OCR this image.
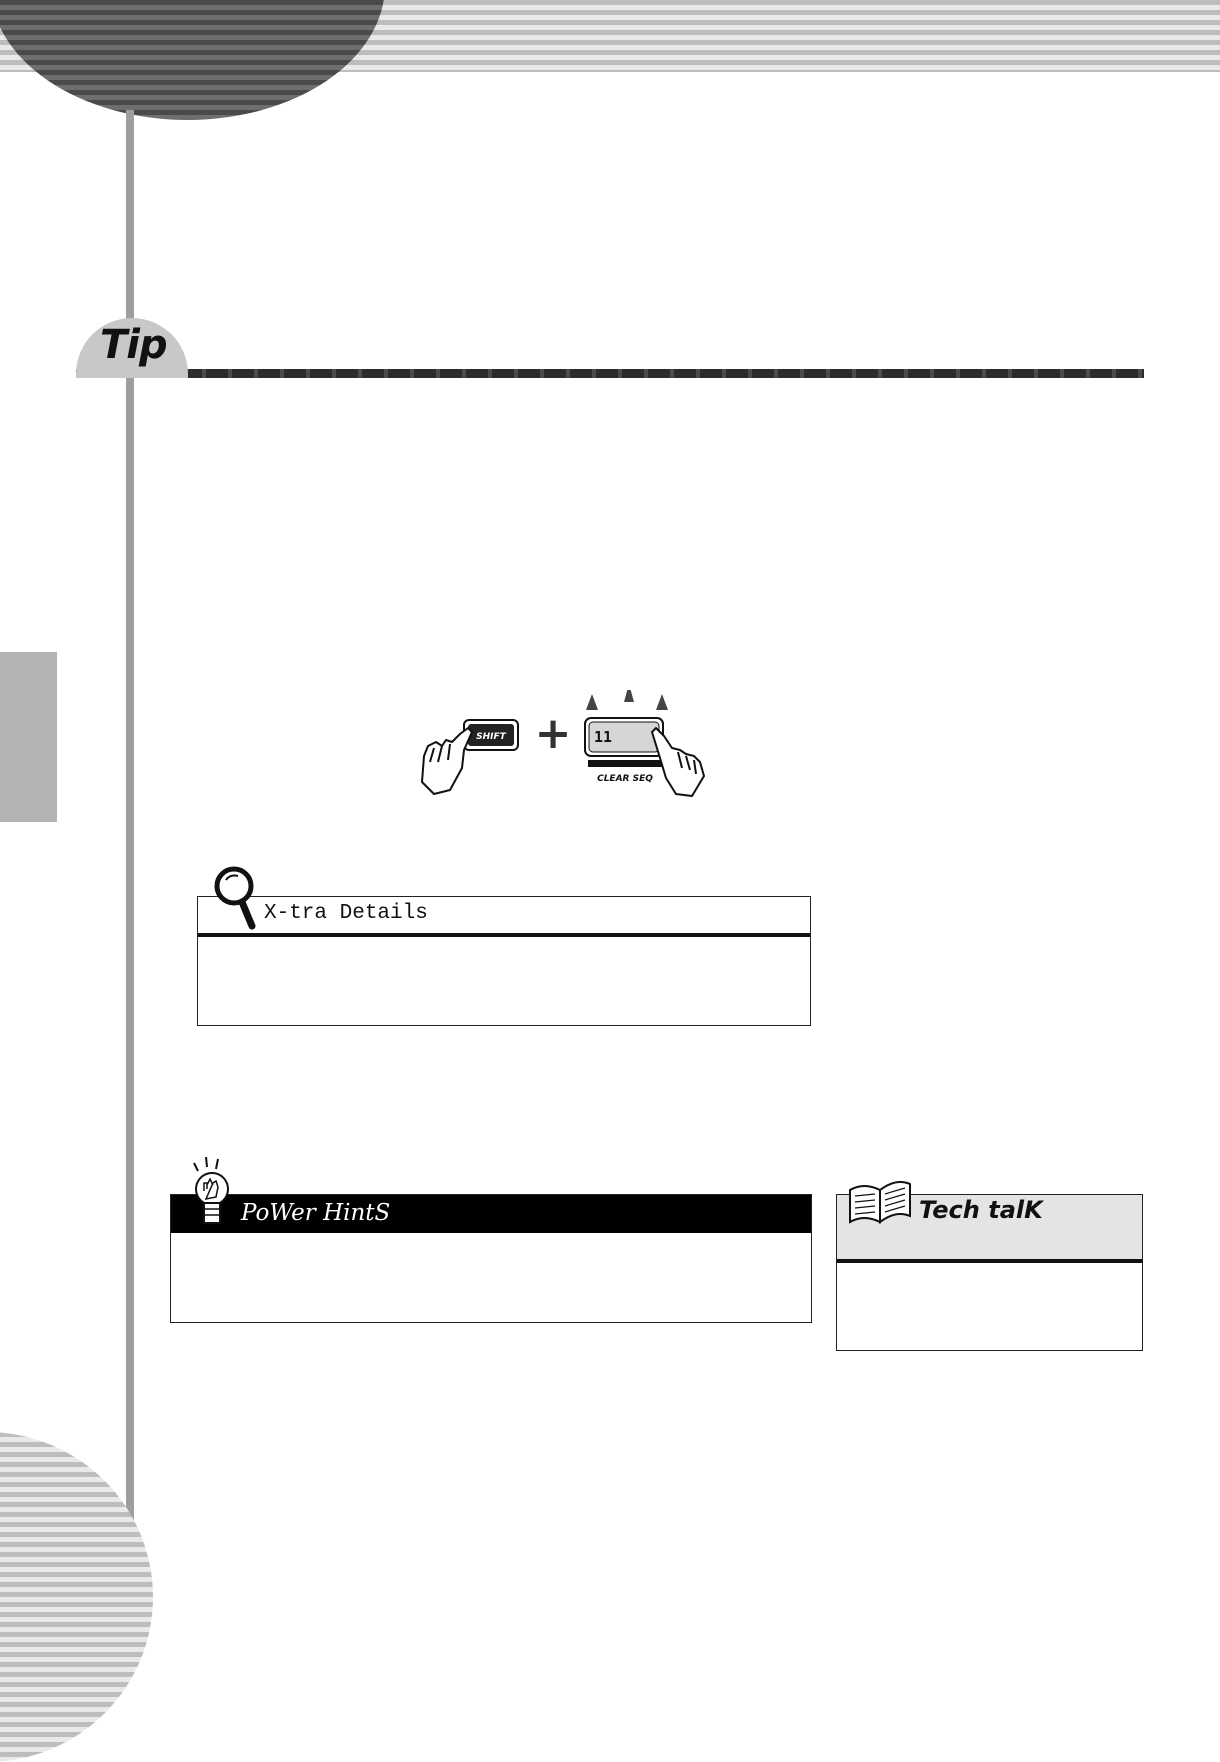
Tip
SHIFT + 11
CLEAR SEQ
X-tra Details
PoWer HintS	Tech talK
